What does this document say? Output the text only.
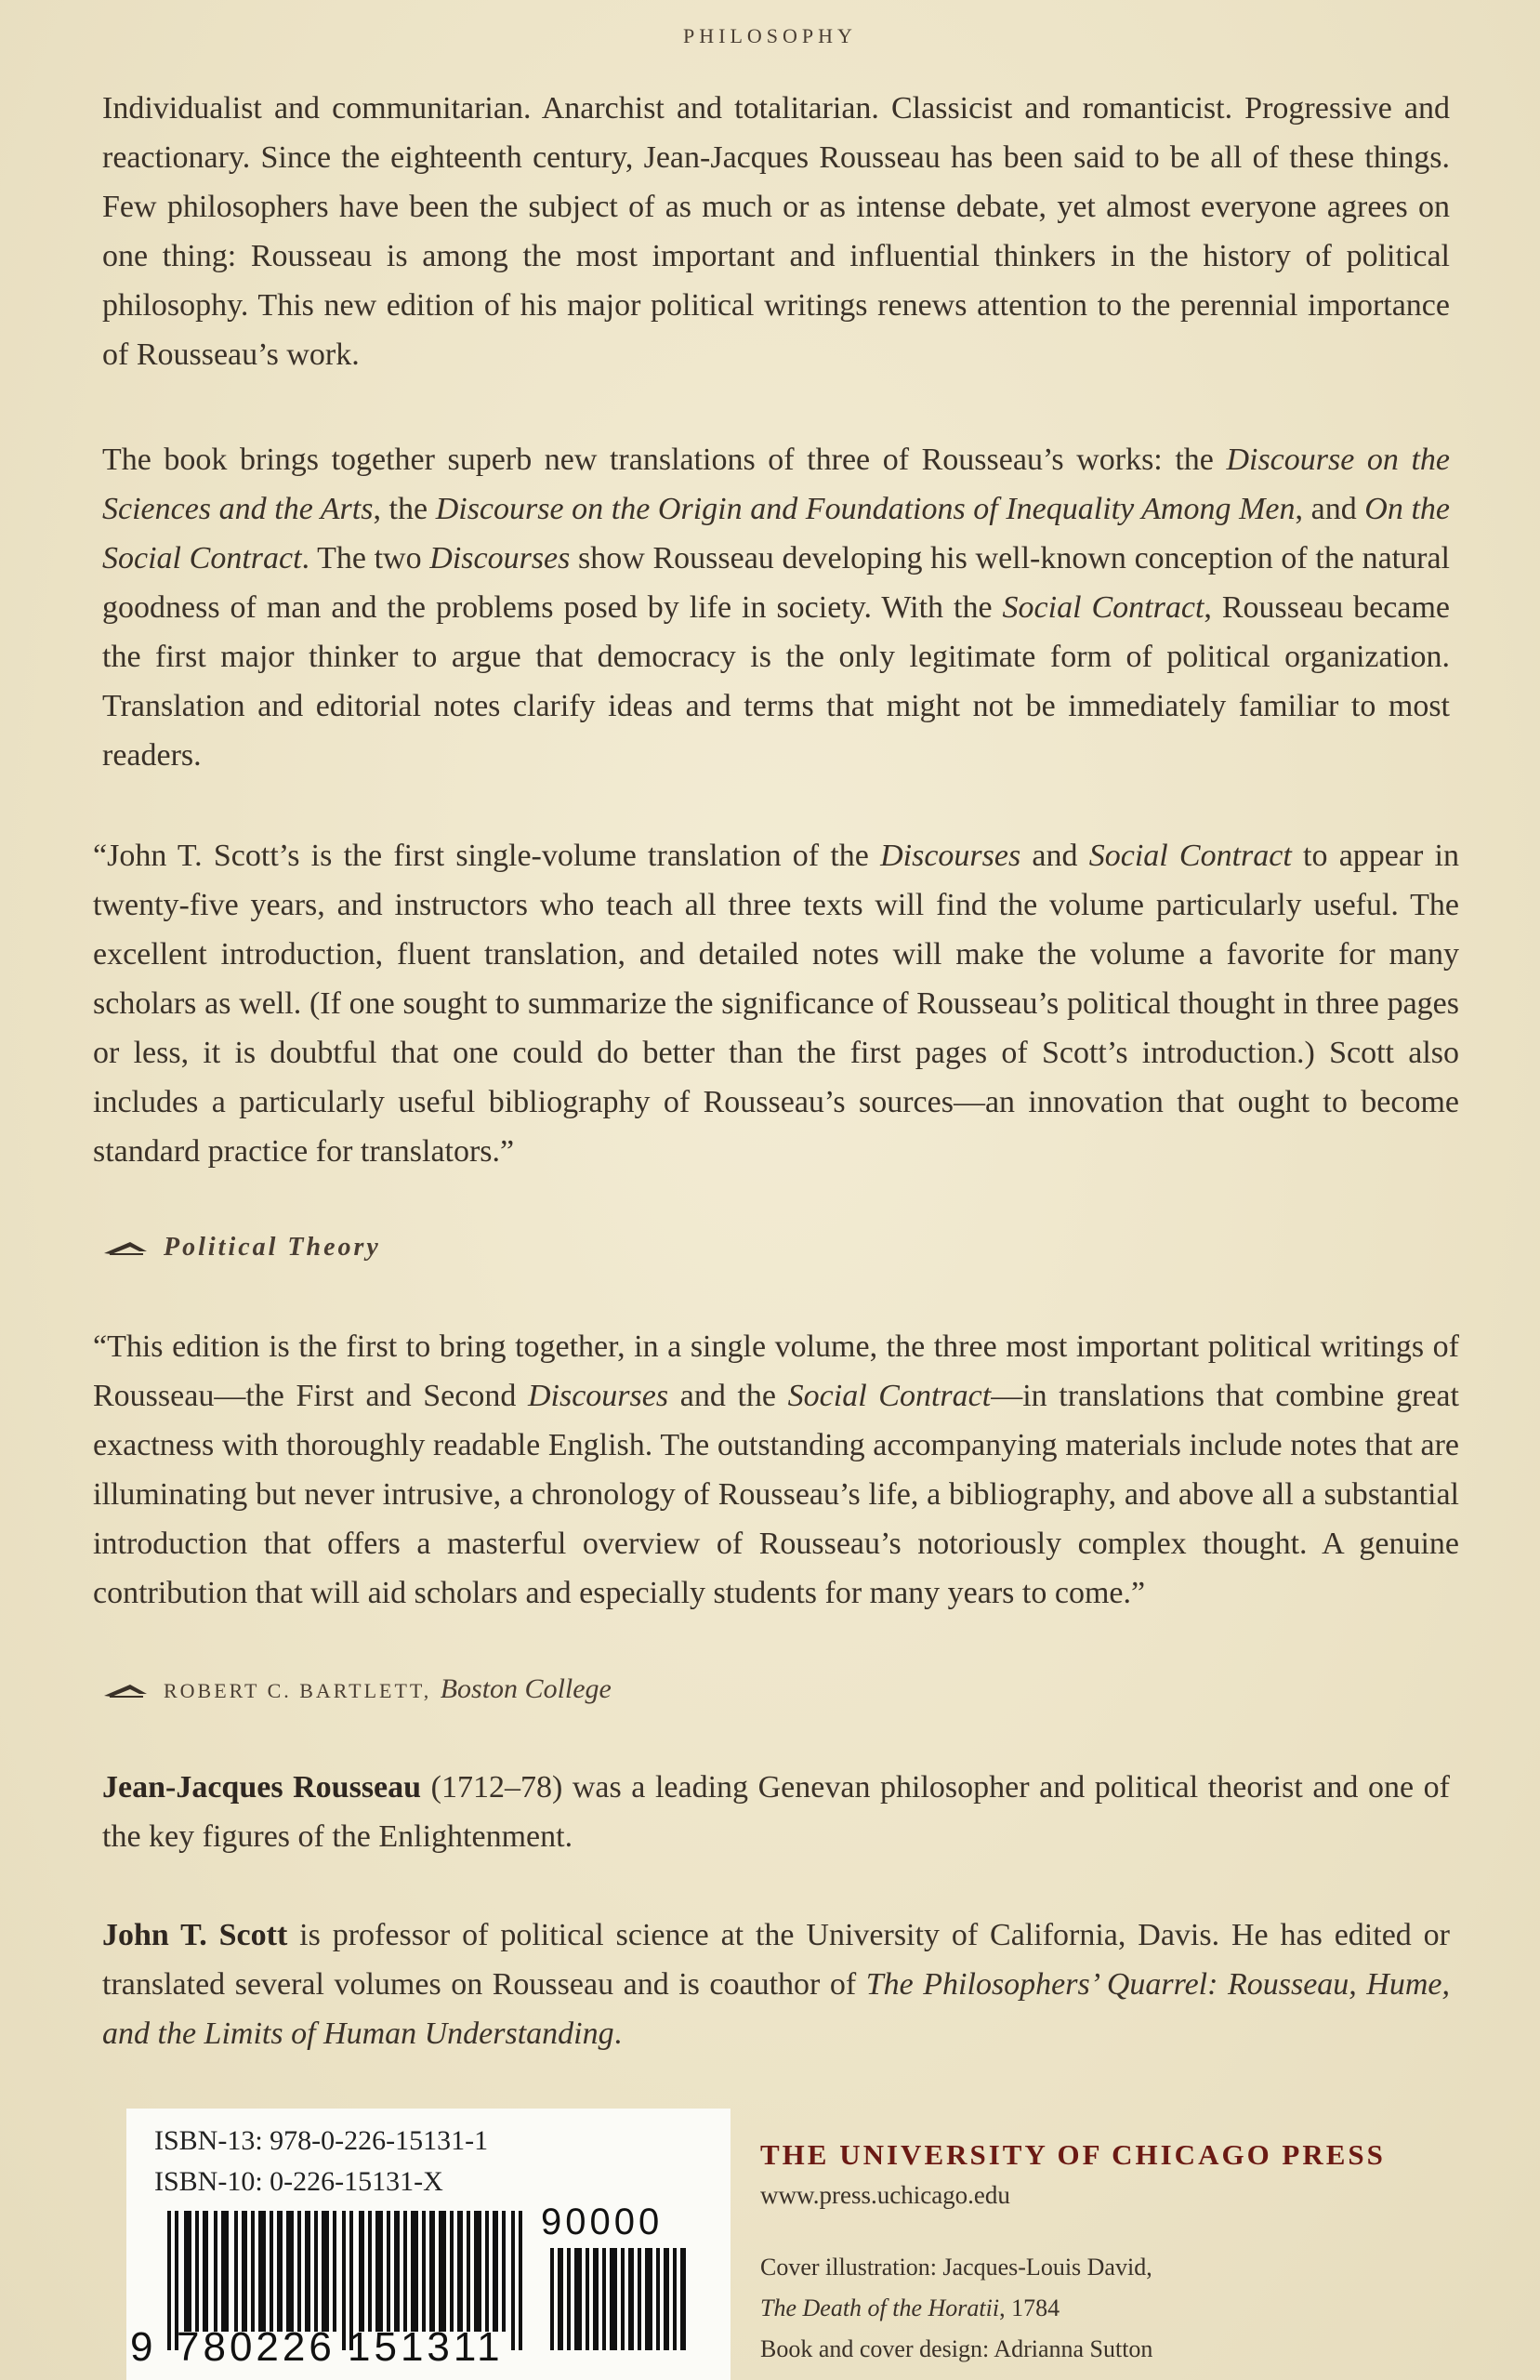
PHILOSOPHY
Individualist and communitarian. Anarchist and totalitarian. Classicist and romanticist. Progressive and reactionary. Since the eighteenth century, Jean-Jacques Rousseau has been said to be all of these things. Few philosophers have been the subject of as much or as intense debate, yet almost everyone agrees on one thing: Rousseau is among the most important and influential thinkers in the history of political philosophy. This new edition of his major political writings renews attention to the perennial importance of Rousseau’s work.
The book brings together superb new translations of three of Rousseau’s works: the Discourse on the Sciences and the Arts, the Discourse on the Origin and Foundations of Inequality Among Men, and On the Social Contract. The two Discourses show Rousseau developing his well-known conception of the natural goodness of man and the problems posed by life in society. With the Social Contract, Rousseau became the first major thinker to argue that democracy is the only legitimate form of political organization. Translation and editorial notes clarify ideas and terms that might not be immediately familiar to most readers.
“John T. Scott’s is the first single-volume translation of the Discourses and Social Contract to appear in twenty-five years, and instructors who teach all three texts will find the volume particularly useful. The excellent introduction, fluent translation, and detailed notes will make the volume a favorite for many scholars as well. (If one sought to summarize the significance of Rousseau’s political thought in three pages or less, it is doubtful that one could do better than the first pages of Scott’s introduction.) Scott also includes a particularly useful bibliography of Rousseau’s sources—an innovation that ought to become standard practice for translators.”
Political Theory
“This edition is the first to bring together, in a single volume, the three most important political writings of Rousseau—the First and Second Discourses and the Social Contract—in translations that combine great exactness with thoroughly readable English. The outstanding accompanying materials include notes that are illuminating but never intrusive, a chronology of Rousseau’s life, a bibliography, and above all a substantial introduction that offers a masterful overview of Rousseau’s notoriously complex thought. A genuine contribution that will aid scholars and especially students for many years to come.”
ROBERT C. BARTLETT, Boston College
Jean-Jacques Rousseau (1712–78) was a leading Genevan philosopher and political theorist and one of the key figures of the Enlightenment.
John T. Scott is professor of political science at the University of California, Davis. He has edited or translated several volumes on Rousseau and is coauthor of The Philosophers’ Quarrel: Rousseau, Hume, and the Limits of Human Understanding.
ISBN-13: 978-0-226-15131-1
ISBN-10: 0-226-15131-X
90000
9 780226 151311
THE UNIVERSITY OF CHICAGO PRESS
www.press.uchicago.edu
Cover illustration: Jacques-Louis David,
The Death of the Horatii, 1784
Book and cover design: Adrianna Sutton
